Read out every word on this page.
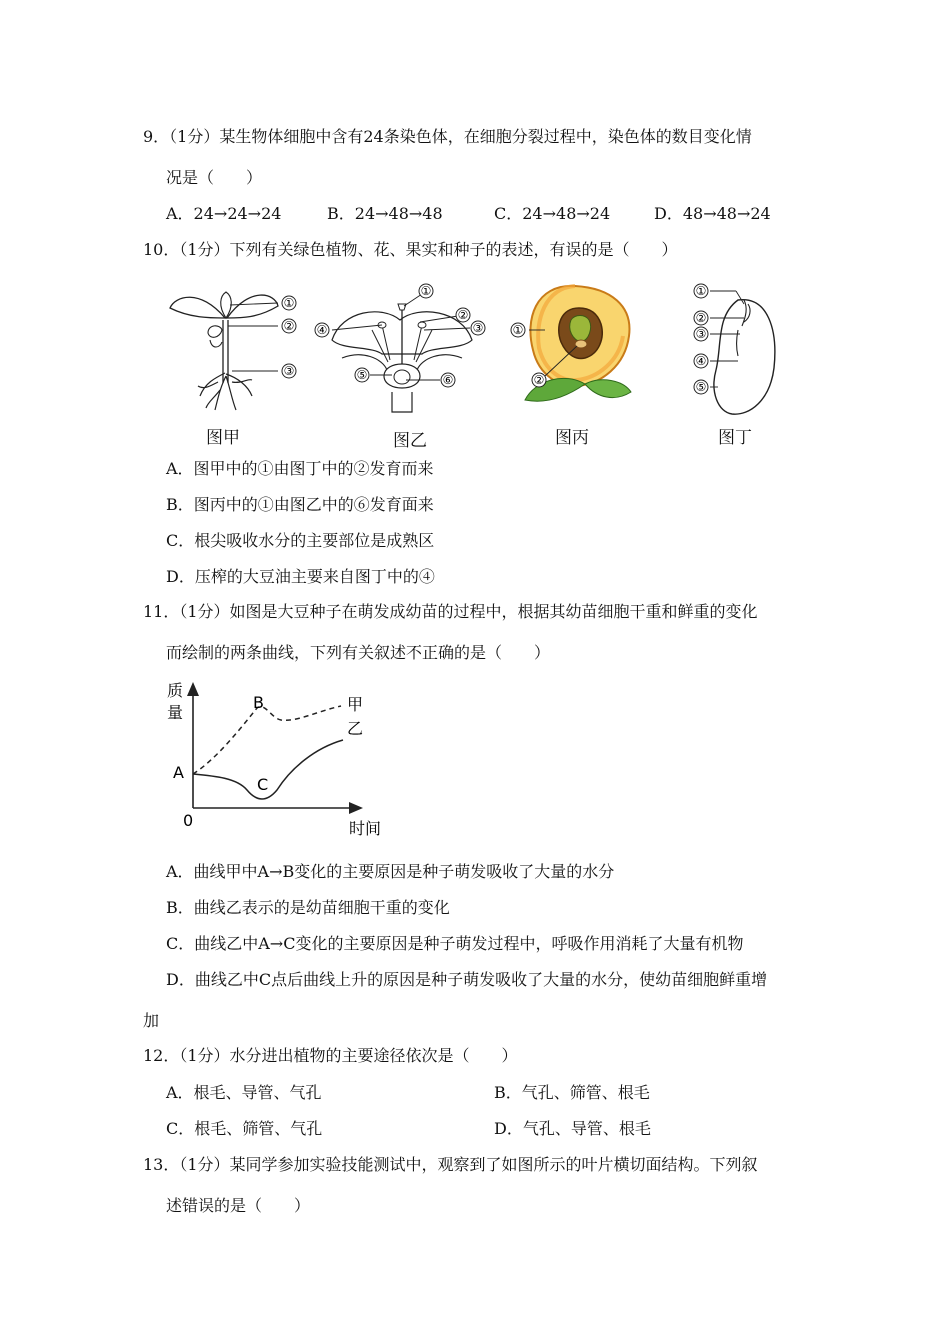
9．（1分）某生物体细胞中含有24条染色体，在细胞分裂过程中，染色体的数目变化情
况是（　　）
A．24→24→24	B．24→48→48	C．24→48→24	D．48→48→24
10．（1分）下列有关绿色植物、花、果实和种子的表述，有误的是（　　）
①
②
③
图甲
①
②
③
④
⑤	⑥
图乙
①
②
图丙
①
②
③
④
⑤
图丁
A．图甲中的①由图丁中的②发育而来
B．图丙中的①由图乙中的⑥发育面来
C．根尖吸收水分的主要部位是成熟区
D．压榨的大豆油主要来自图丁中的④
11．（1分）如图是大豆种子在萌发成幼苗的过程中，根据其幼苗细胞干重和鲜重的变化
而绘制的两条曲线，下列有关叙述不正确的是（　　）
质
量
A
B
C
甲
乙
0	时间
A．曲线甲中A→B变化的主要原因是种子萌发吸收了大量的水分
B．曲线乙表示的是幼苗细胞干重的变化
C．曲线乙中A→C变化的主要原因是种子萌发过程中，呼吸作用消耗了大量有机物
D．曲线乙中C点后曲线上升的原因是种子萌发吸收了大量的水分，使幼苗细胞鲜重增
加
12．（1分）水分进出植物的主要途径依次是（　　）
A．根毛、导管、气孔	B．气孔、筛管、根毛
C．根毛、筛管、气孔	D．气孔、导管、根毛
13．（1分）某同学参加实验技能测试中，观察到了如图所示的叶片横切面结构。下列叙
述错误的是（　　）
